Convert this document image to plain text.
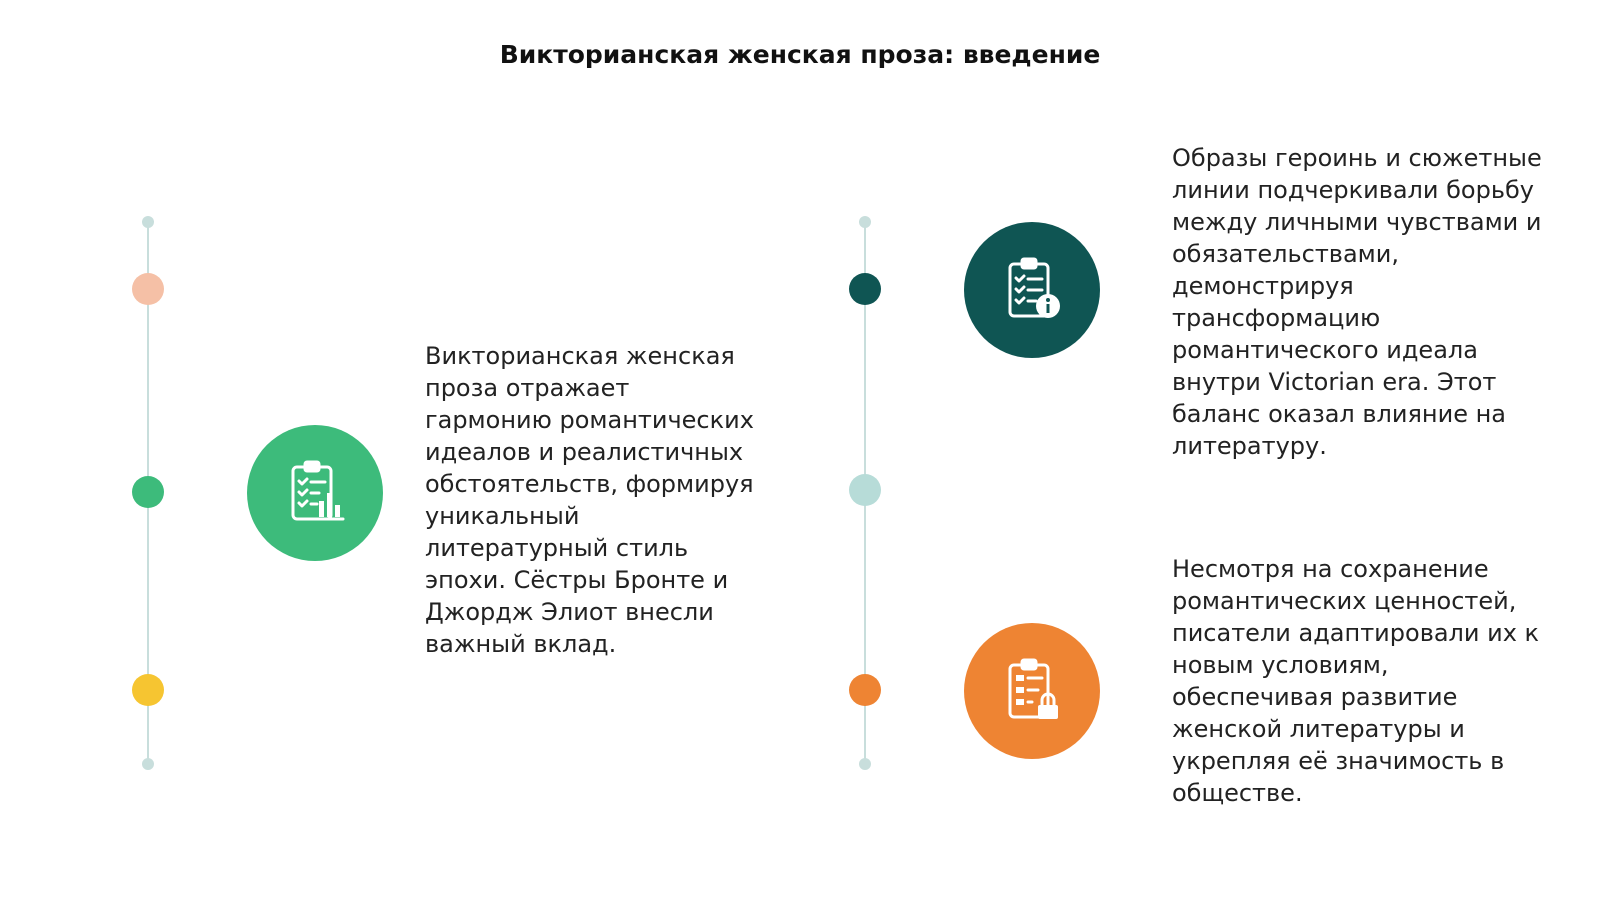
Викторианская женская проза: введение
Викторианская женская проза отражает гармонию романтических идеалов и реалистичных обстоятельств, формируя уникальный литературный стиль эпохи. Сёстры Бронте и Джордж Элиот внесли важный вклад.
Образы героинь и сюжетные линии подчеркивали борьбу между личными чувствами и обязательствами, демонстрируя трансформацию романтического идеала внутри Victorian era. Этот баланс оказал влияние на литературу.
Несмотря на сохранение романтических ценностей, писатели адаптировали их к новым условиям, обеспечивая развитие женской литературы и укрепляя её значимость в обществе.
